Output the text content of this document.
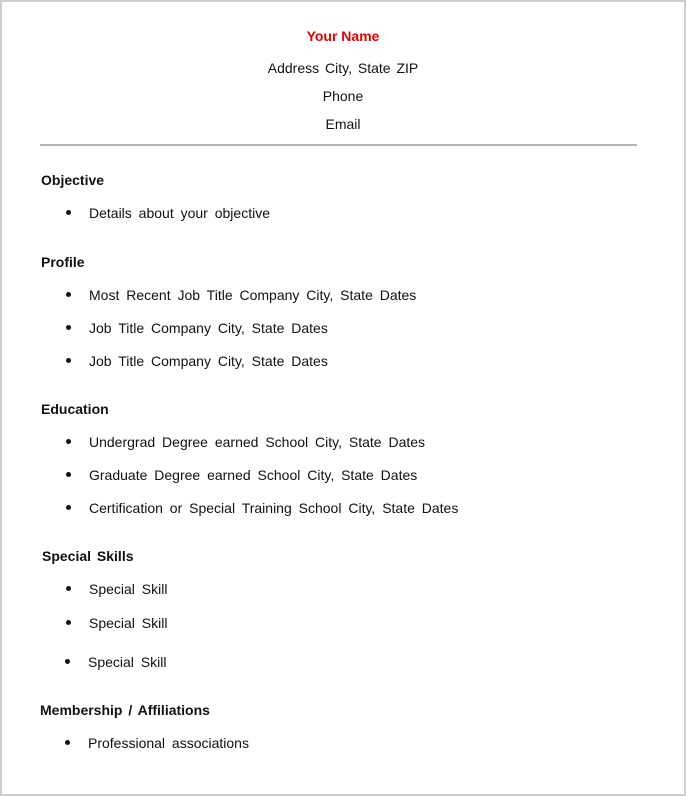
Your Name
Address City, State ZIP
Phone
Email
Objective
Details about your objective
Profile
Most Recent Job Title Company City, State Dates
Job Title Company City, State Dates
Job Title Company City, State Dates
Education
Undergrad Degree earned School City, State Dates
Graduate Degree earned School City, State Dates
Certification or Special Training School City, State Dates
Special Skills
Special Skill
Special Skill
Special Skill
Membership / Affiliations
Professional associations
